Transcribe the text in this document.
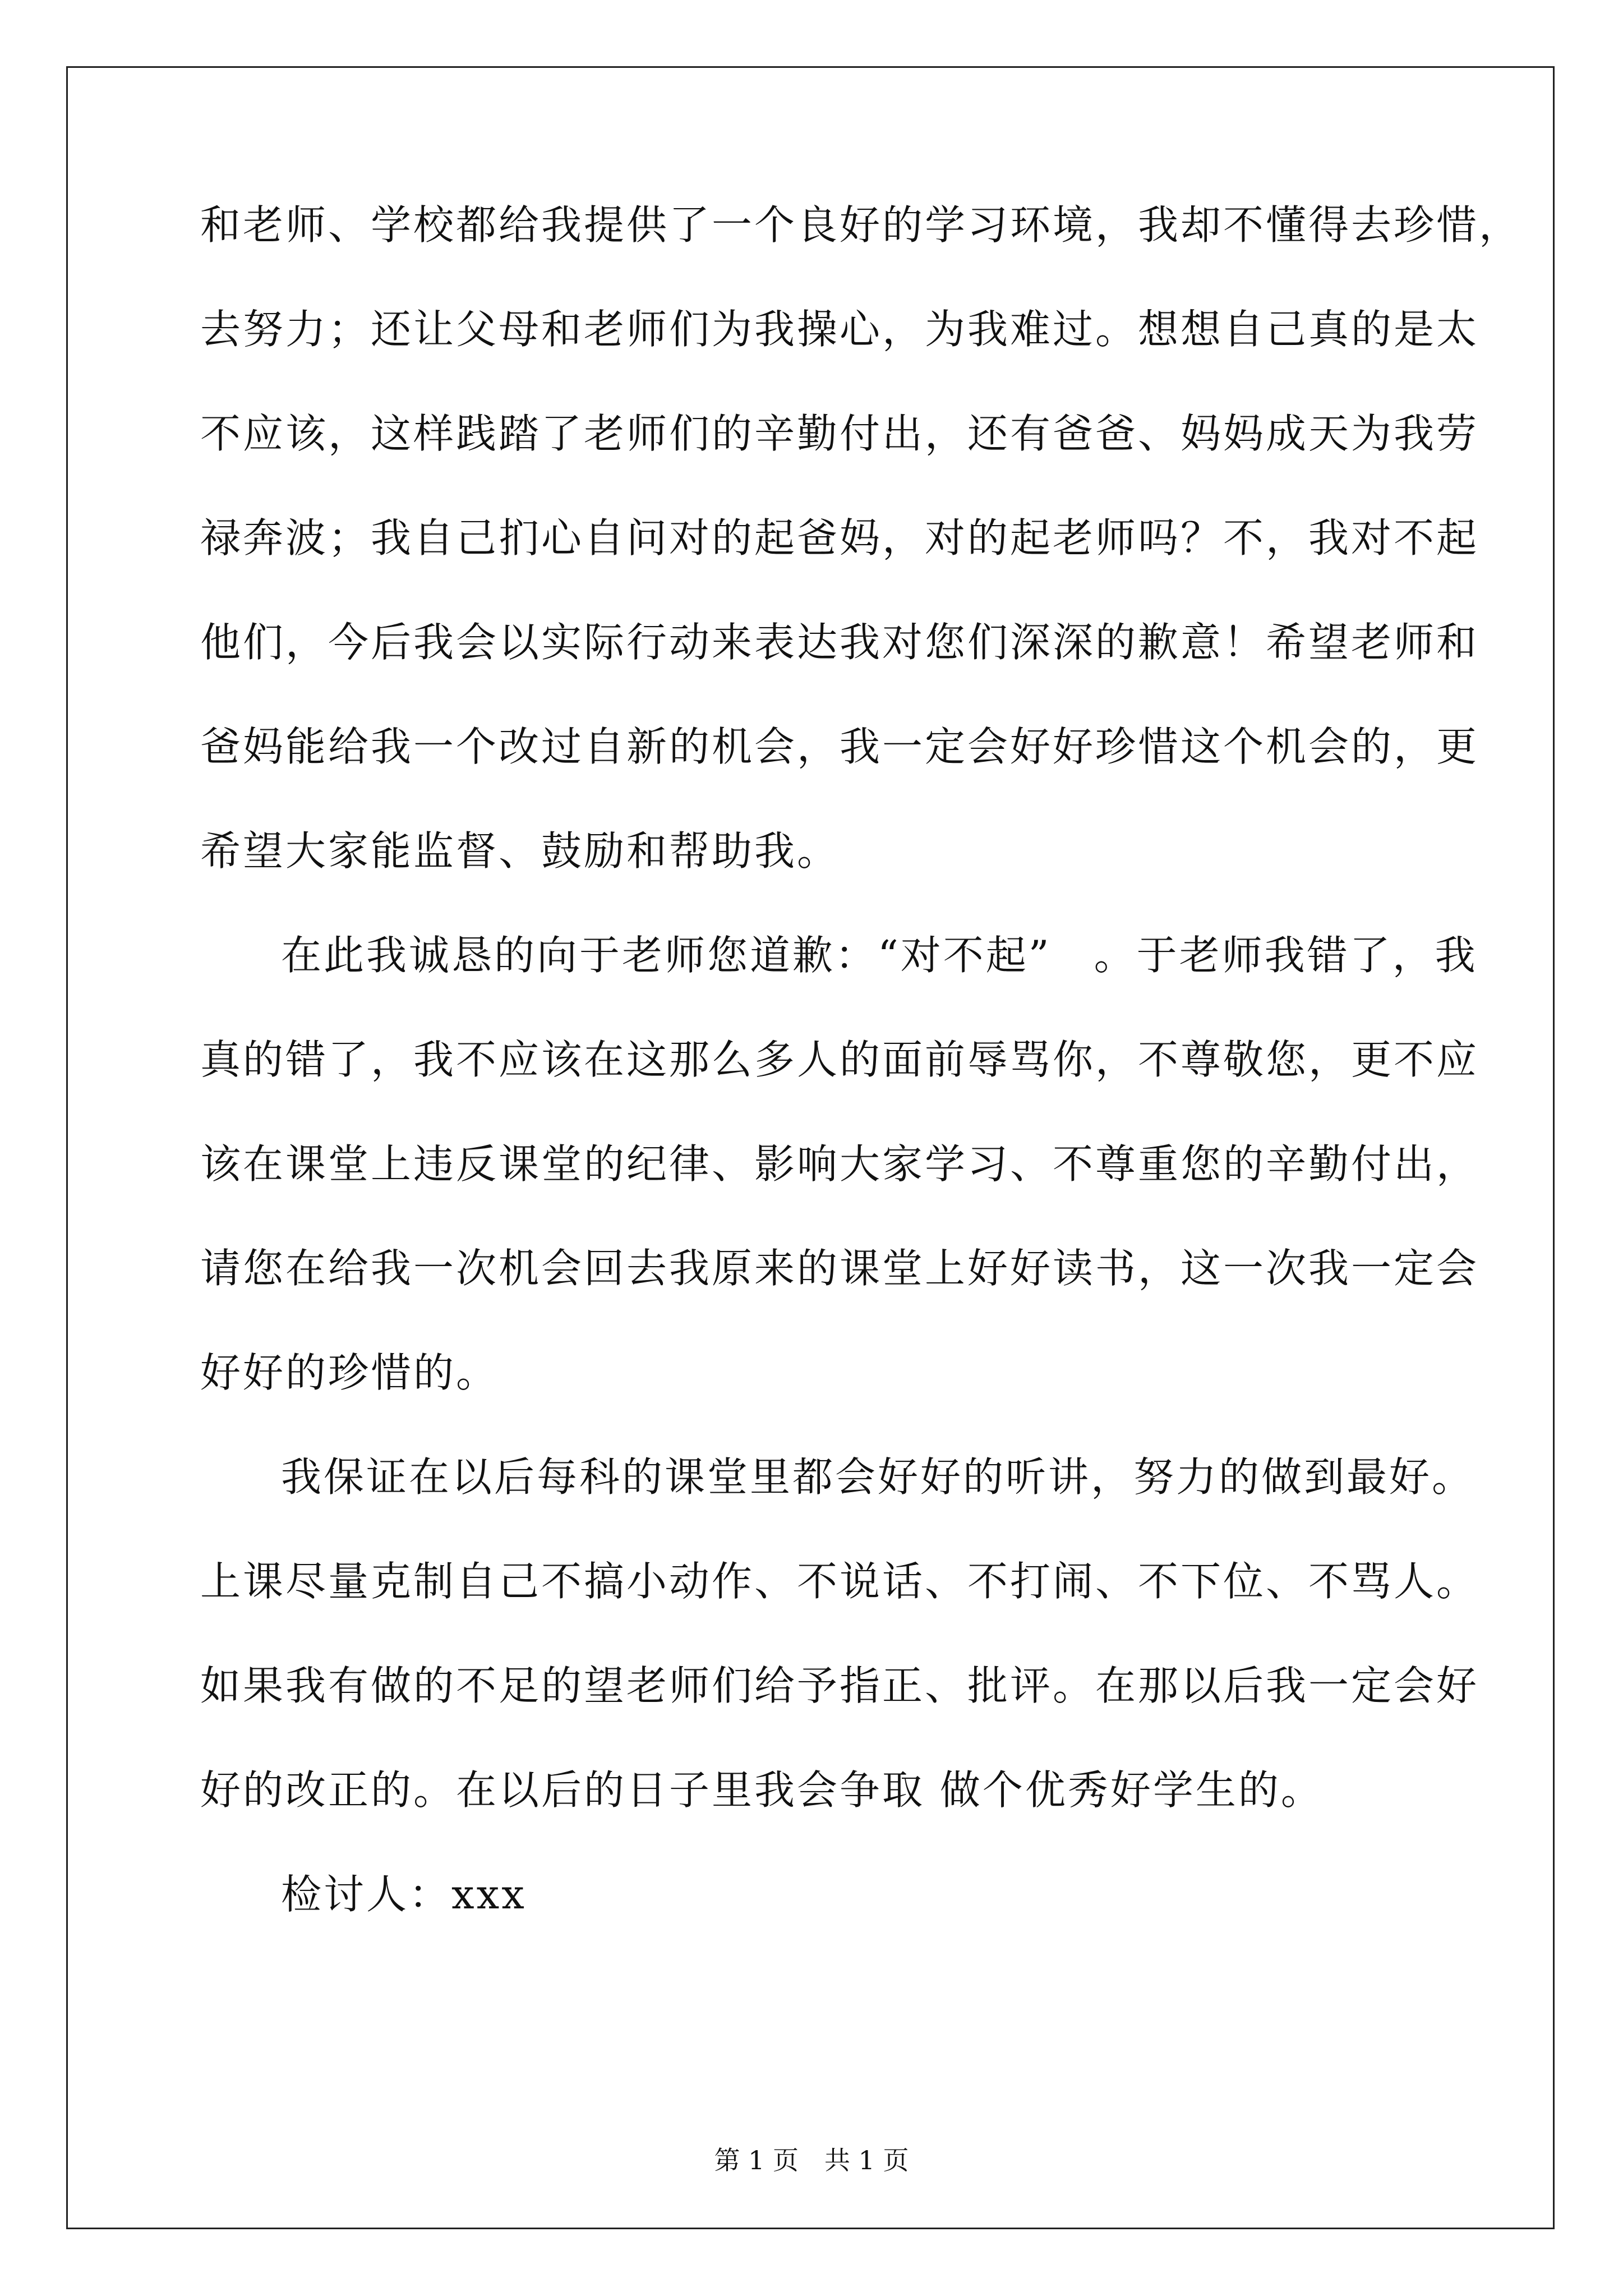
和老师、学校都给我提供了一个良好的学习环境，我却不懂得去珍惜，
去努力；还让父母和老师们为我操心，为我难过。想想自己真的是太
不应该，这样践踏了老师们的辛勤付出，还有爸爸、妈妈成天为我劳
禄奔波；我自己扪心自问对的起爸妈，对的起老师吗？不，我对不起
他们，今后我会以实际行动来表达我对您们深深的歉意！希望老师和
爸妈能给我一个改过自新的机会，我一定会好好珍惜这个机会的，更
希望大家能监督、鼓励和帮助我。
在此我诚恳的向于老师您道歉：“对不起”　。于老师我错了，我
真的错了，我不应该在这那么多人的面前辱骂你，不尊敬您，更不应
该在课堂上违反课堂的纪律、影响大家学习、不尊重您的辛勤付出，
请您在给我一次机会回去我原来的课堂上好好读书，这一次我一定会
好好的珍惜的。
我保证在以后每科的课堂里都会好好的听讲，努力的做到最好。
上课尽量克制自己不搞小动作、不说话、不打闹、不下位、不骂人。
如果我有做的不足的望老师们给予指正、批评。在那以后我一定会好
好的改正的。在以后的日子里我会争取 做个优秀好学生的。
检讨人：xxx
第 1 页　共 1 页
